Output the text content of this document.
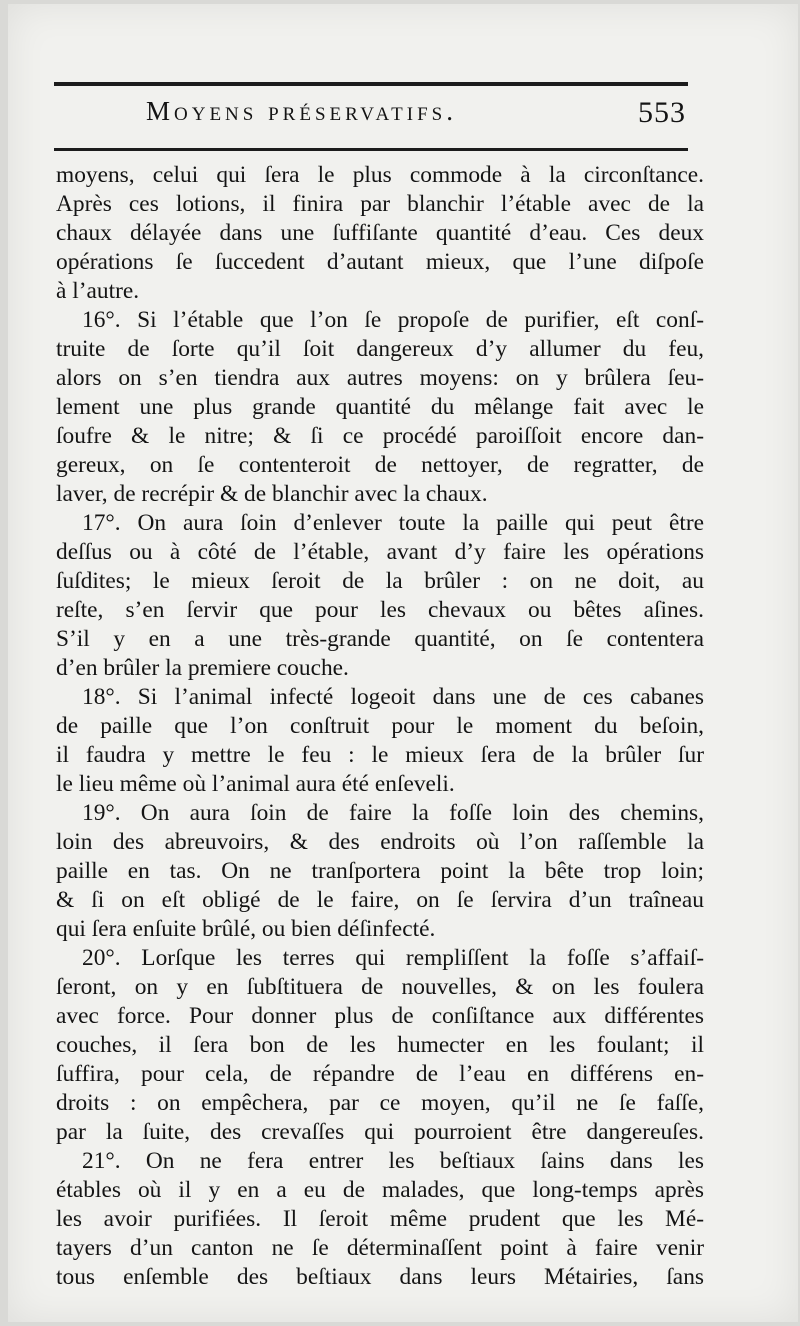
Moyens préservatifs.	553
moyens, celui qui ſera le plus commode à la circonſtance.
Après ces lotions, il finira par blanchir l’étable avec de la
chaux délayée dans une ſuffiſante quantité d’eau. Ces deux
opérations ſe ſuccedent d’autant mieux, que l’une diſpoſe
à l’autre.
16°. Si l’étable que l’on ſe propoſe de purifier, eſt conſ-
truite de ſorte qu’il ſoit dangereux d’y allumer du feu,
alors on s’en tiendra aux autres moyens: on y brûlera ſeu-
lement une plus grande quantité du mêlange fait avec le
ſoufre & le nitre; & ſi ce procédé paroiſſoit encore dan-
gereux, on ſe contenteroit de nettoyer, de regratter, de
laver, de recrépir & de blanchir avec la chaux.
17°. On aura ſoin d’enlever toute la paille qui peut être
deſſus ou à côté de l’étable, avant d’y faire les opérations
ſuſdites; le mieux ſeroit de la brûler : on ne doit, au
reſte, s’en ſervir que pour les chevaux ou bêtes aſines.
S’il y en a une très-grande quantité, on ſe contentera
d’en brûler la premiere couche.
18°. Si l’animal infecté logeoit dans une de ces cabanes
de paille que l’on conſtruit pour le moment du beſoin,
il faudra y mettre le feu : le mieux ſera de la brûler ſur
le lieu même où l’animal aura été enſeveli.
19°. On aura ſoin de faire la foſſe loin des chemins,
loin des abreuvoirs, & des endroits où l’on raſſemble la
paille en tas. On ne tranſportera point la bête trop loin;
& ſi on eſt obligé de le faire, on ſe ſervira d’un traîneau
qui ſera enſuite brûlé, ou bien déſinfecté.
20°. Lorſque les terres qui rempliſſent la foſſe s’affaiſ-
ſeront, on y en ſubſtituera de nouvelles, & on les foulera
avec force. Pour donner plus de conſiſtance aux différentes
couches, il ſera bon de les humecter en les foulant; il
ſuffira, pour cela, de répandre de l’eau en différens en-
droits : on empêchera, par ce moyen, qu’il ne ſe faſſe,
par la ſuite, des crevaſſes qui pourroient être dangereuſes.
21°. On ne fera entrer les beſtiaux ſains dans les
étables où il y en a eu de malades, que long-temps après
les avoir purifiées. Il ſeroit même prudent que les Mé-
tayers d’un canton ne ſe déterminaſſent point à faire venir
tous enſemble des beſtiaux dans leurs Métairies, ſans
